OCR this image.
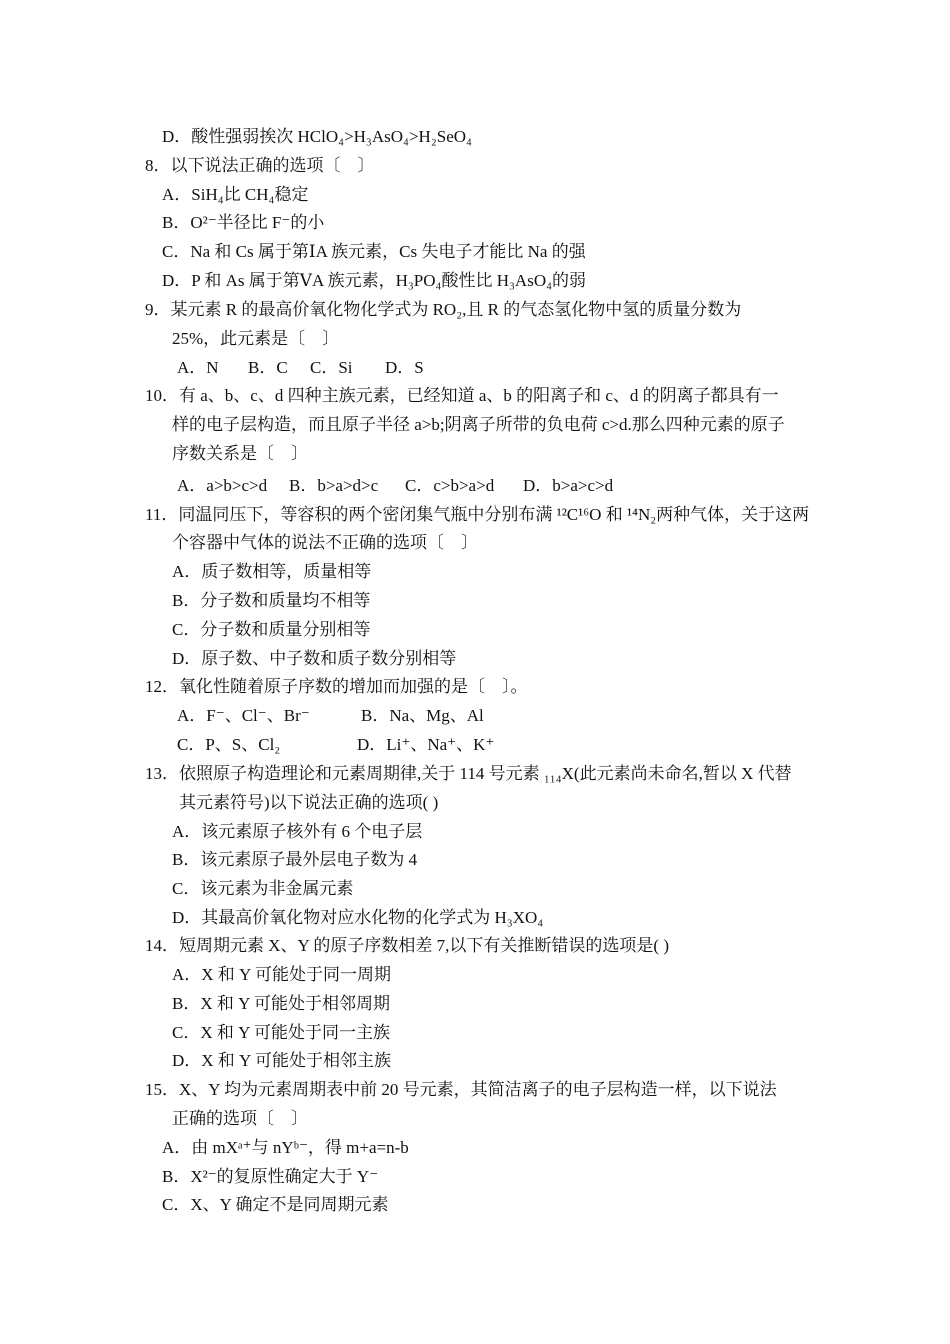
D．酸性强弱挨次 HClO₄>H₃AsO₄>H₂SeO₄
8．以下说法正确的选项〔　〕
A．SiH₄比 CH₄稳定
B．O²⁻半径比 F⁻的小
C．Na 和 Cs 属于第ⅠA 族元素，Cs 失电子才能比 Na 的强
D．P 和 As 属于第ⅤA 族元素，H₃PO₄酸性比 H₃AsO₄的弱
9．某元素 R 的最高价氧化物化学式为 RO₂,且 R 的气态氢化物中氢的质量分数为
25%，此元素是〔　〕
A．N B．C C．Si D．S
10．有 a、b、c、d 四种主族元素，已经知道 a、b 的阳离子和 c、d 的阴离子都具有一
样的电子层构造，而且原子半径 a>b;阴离子所带的负电荷 c>d.那么四种元素的原子
序数关系是〔　〕
A．a>b>c>d B．b>a>d>c C．c>b>a>d D．b>a>c>d
11．同温同压下，等容积的两个密闭集气瓶中分别布满 ¹²C¹⁶O 和 ¹⁴N₂两种气体，关于这两
个容器中气体的说法不正确的选项〔　〕
A．质子数相等，质量相等
B．分子数和质量均不相等
C．分子数和质量分别相等
D．原子数、中子数和质子数分别相等
12．氧化性随着原子序数的增加而加强的是〔　〕。
A．F⁻、Cl⁻、Br⁻	B．Na、Mg、Al
C．P、S、Cl₂	D．Li⁺、Na⁺、K⁺
13．依照原子构造理论和元素周期律,关于 114 号元素 ₁₁₄X(此元素尚未命名,暂以 X 代替
其元素符号)以下说法正确的选项( )
A．该元素原子核外有 6 个电子层
B．该元素原子最外层电子数为 4
C．该元素为非金属元素
D．其最高价氧化物对应水化物的化学式为 H₃XO₄
14．短周期元素 X、Y 的原子序数相差 7,以下有关推断错误的选项是( )
A．X 和 Y 可能处于同一周期
B．X 和 Y 可能处于相邻周期
C．X 和 Y 可能处于同一主族
D．X 和 Y 可能处于相邻主族
15．X、Y 均为元素周期表中前 20 号元素，其简洁离子的电子层构造一样，以下说法
正确的选项〔　〕
A．由 mXᵃ⁺与 nYᵇ⁻，得 m+a=n-b
B．X²⁻的复原性确定大于 Y⁻
C．X、Y 确定不是同周期元素
